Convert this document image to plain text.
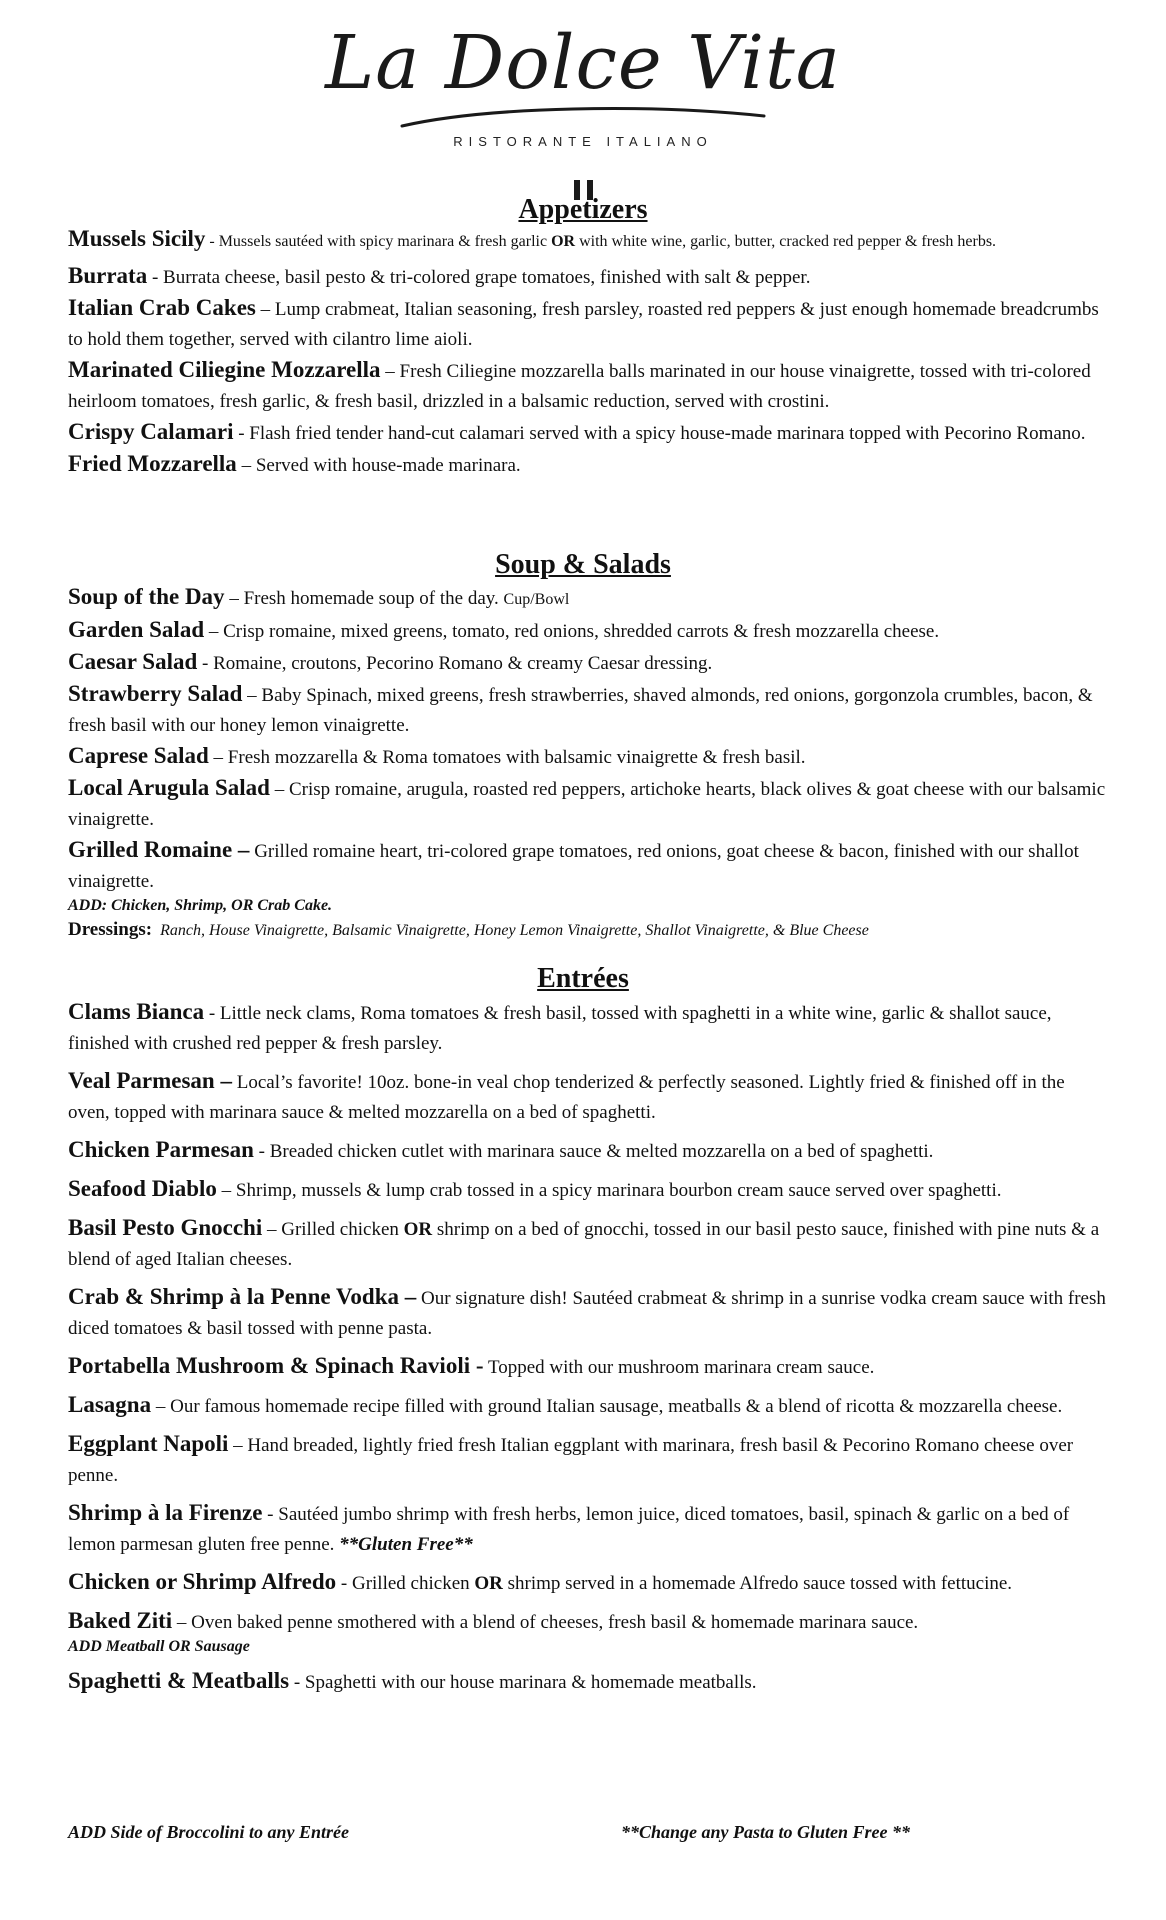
La Dolce Vita
RISTORANTE ITALIANO
Appetizers

Mussels Sicily - Mussels sautéed with spicy marinara & fresh garlic OR with white wine, garlic, butter, cracked red pepper & fresh herbs.

Burrata - Burrata cheese, basil pesto & tri-colored grape tomatoes, finished with salt & pepper.

Italian Crab Cakes – Lump crabmeat, Italian seasoning, fresh parsley, roasted red peppers & just enough homemade breadcrumbs to hold them together, served with cilantro lime aioli.

Marinated Ciliegine Mozzarella – Fresh Ciliegine mozzarella balls marinated in our house vinaigrette, tossed with tri-colored heirloom tomatoes, fresh garlic, & fresh basil, drizzled in a balsamic reduction, served with crostini.

Crispy Calamari - Flash fried tender hand-cut calamari served with a spicy house-made marinara topped with Pecorino Romano.

Fried Mozzarella – Served with house-made marinara.

Soup & Salads

Soup of the Day – Fresh homemade soup of the day. Cup/Bowl

Garden Salad – Crisp romaine, mixed greens, tomato, red onions, shredded carrots & fresh mozzarella cheese.

Caesar Salad - Romaine, croutons, Pecorino Romano & creamy Caesar dressing.

Strawberry Salad – Baby Spinach, mixed greens, fresh strawberries, shaved almonds, red onions, gorgonzola crumbles, bacon, & fresh basil with our honey lemon vinaigrette.

Caprese Salad – Fresh mozzarella & Roma tomatoes with balsamic vinaigrette & fresh basil.

Local Arugula Salad – Crisp romaine, arugula, roasted red peppers, artichoke hearts, black olives & goat cheese with our balsamic vinaigrette.

Grilled Romaine – Grilled romaine heart, tri-colored grape tomatoes, red onions, goat cheese & bacon, finished with our shallot vinaigrette.

ADD: Chicken, Shrimp, OR Crab Cake.

Dressings: Ranch, House Vinaigrette, Balsamic Vinaigrette, Honey Lemon Vinaigrette, Shallot Vinaigrette, & Blue Cheese

Entrées

Clams Bianca - Little neck clams, Roma tomatoes & fresh basil, tossed with spaghetti in a white wine, garlic & shallot sauce, finished with crushed red pepper & fresh parsley.

Veal Parmesan – Local’s favorite! 10oz. bone-in veal chop tenderized & perfectly seasoned. Lightly fried & finished off in the oven, topped with marinara sauce & melted mozzarella on a bed of spaghetti.

Chicken Parmesan - Breaded chicken cutlet with marinara sauce & melted mozzarella on a bed of spaghetti.

Seafood Diablo – Shrimp, mussels & lump crab tossed in a spicy marinara bourbon cream sauce served over spaghetti.

Basil Pesto Gnocchi – Grilled chicken OR shrimp on a bed of gnocchi, tossed in our basil pesto sauce, finished with pine nuts & a blend of aged Italian cheeses.

Crab & Shrimp à la Penne Vodka – Our signature dish! Sautéed crabmeat & shrimp in a sunrise vodka cream sauce with fresh diced tomatoes & basil tossed with penne pasta.

Portabella Mushroom & Spinach Ravioli - Topped with our mushroom marinara cream sauce.

Lasagna – Our famous homemade recipe filled with ground Italian sausage, meatballs & a blend of ricotta & mozzarella cheese.

Eggplant Napoli – Hand breaded, lightly fried fresh Italian eggplant with marinara, fresh basil & Pecorino Romano cheese over penne.

Shrimp à la Firenze - Sautéed jumbo shrimp with fresh herbs, lemon juice, diced tomatoes, basil, spinach & garlic on a bed of lemon parmesan gluten free penne. **Gluten Free**

Chicken or Shrimp Alfredo - Grilled chicken OR shrimp served in a homemade Alfredo sauce tossed with fettucine.

Baked Ziti – Oven baked penne smothered with a blend of cheeses, fresh basil & homemade marinara sauce.

ADD Meatball OR Sausage

Spaghetti & Meatballs - Spaghetti with our house marinara & homemade meatballs.

ADD Side of Broccolini to any Entrée	**Change any Pasta to Gluten Free **
